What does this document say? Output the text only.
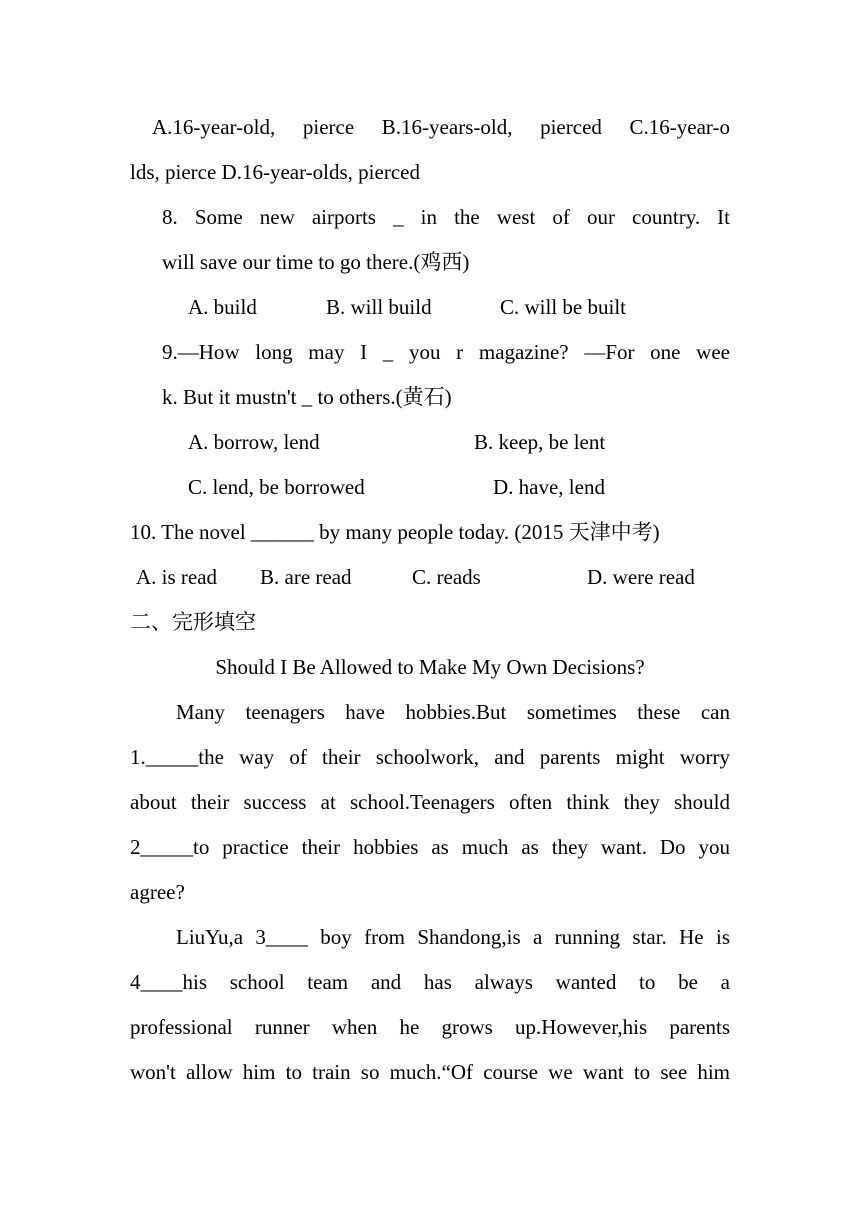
A.16-year-old, pierce B.16-years-old, pierced C.16-year-o
lds, pierce D.16-year-olds, pierced
8. Some new airports _ in the west of our country. It
will save our time to go there.(鸡西)
A. build	B. will build	C. will be built
9.—How long may I _ you r magazine? —For one wee
k. But it mustn't _ to others.(黄石)
A. borrow, lend	B. keep, be lent
C. lend, be borrowed	D. have, lend
10. The novel ______ by many people today. (2015 天津中考)
A. is read B. are read	C. reads	D. were read
二、完形填空
Should I Be Allowed to Make My Own Decisions?
Many teenagers have hobbies.But sometimes these can
1._____the way of their schoolwork, and parents might worry
about their success at school.Teenagers often think they should
2_____to practice their hobbies as much as they want. Do you
agree?
LiuYu,a 3____ boy from Shandong,is a running star. He is
4____his school team and has always wanted to be a
professional runner when he grows up.However,his parents
won't allow him to train so much.“Of course we want to see him
